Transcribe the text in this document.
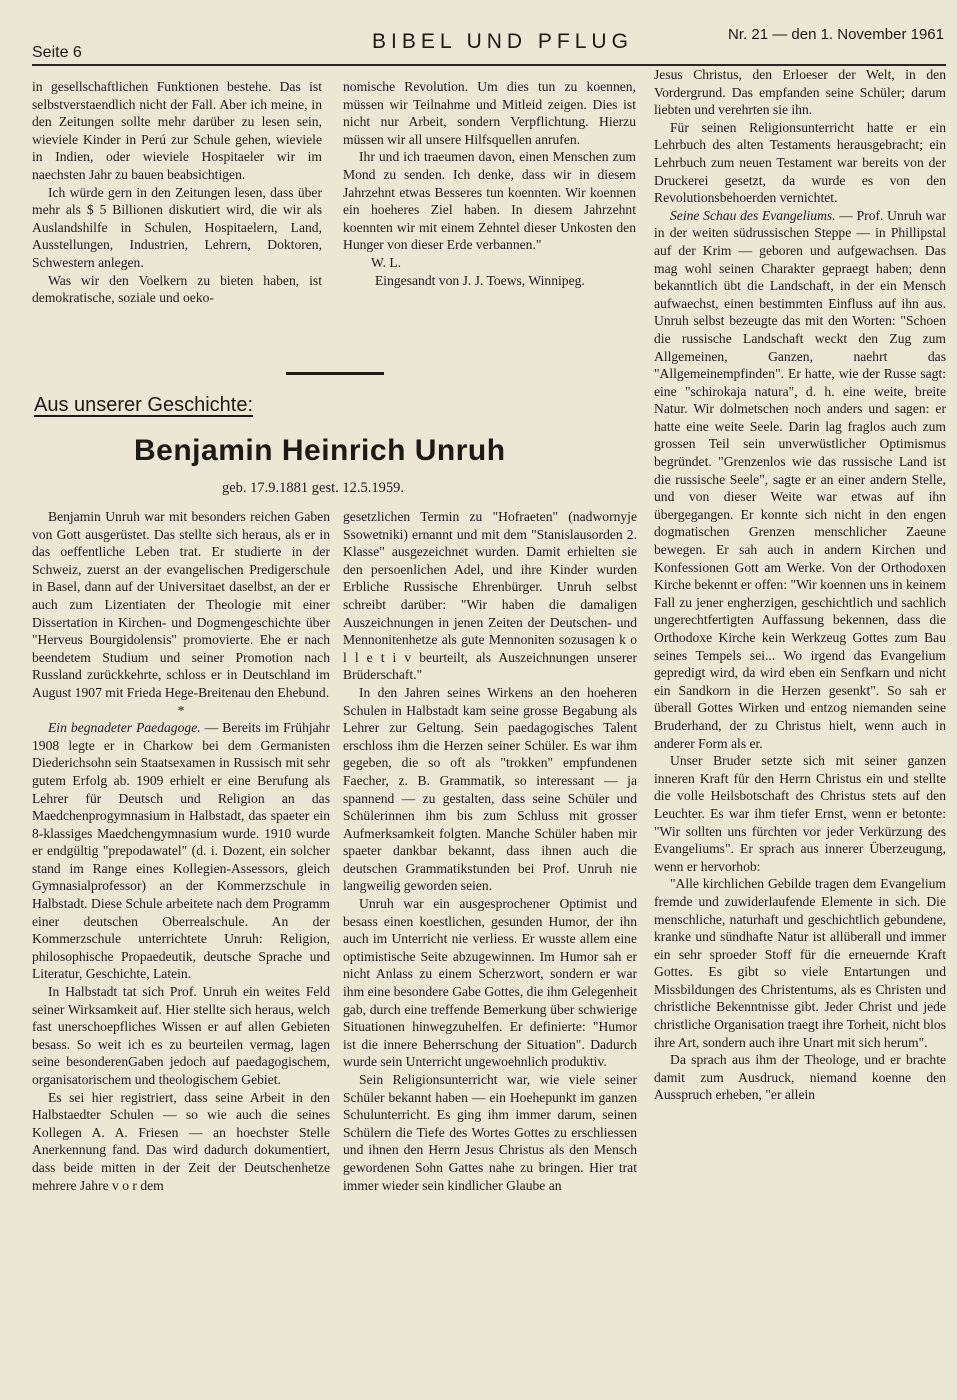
Seite 6	BIBEL UND PFLUG	Nr. 21 — den 1. November 1961

in gesellschaftlichen Funktionen bestehe. Das ist selbstverstaendlich nicht der Fall. Aber ich meine, in den Zeitungen sollte mehr darüber zu lesen sein, wieviele Kinder in Perú zur Schule gehen, wieviele in Indien, oder wieviele Hospitaeler wir im naechsten Jahr zu bauen beabsichtigen.

Ich würde gern in den Zeitungen lesen, dass über mehr als $ 5 Billionen diskutiert wird, die wir als Auslandshilfe in Schulen, Hospitaelern, Land, Ausstellungen, Industrien, Lehrern, Doktoren, Schwestern anlegen.

Was wir den Voelkern zu bieten haben, ist demokratische, soziale und oeko-

nomische Revolution. Um dies tun zu koennen, müssen wir Teilnahme und Mitleid zeigen. Dies ist nicht nur Arbeit, sondern Verpflichtung. Hierzu müssen wir all unsere Hilfsquellen anrufen.

Ihr und ich traeumen davon, einen Menschen zum Mond zu senden. Ich denke, dass wir in diesem Jahrzehnt etwas Besseres tun koennten. Wir koennen ein hoeheres Ziel haben. In diesem Jahrzehnt koennten wir mit einem Zehntel dieser Unkosten den Hunger von dieser Erde verbannen."

W. L.

Eingesandt von J. J. Toews, Winnipeg.

Aus unserer Geschichte:
Benjamin Heinrich Unruh
geb. 17.9.1881 gest. 12.5.1959.

Benjamin Unruh war mit besonders reichen Gaben von Gott ausgerüstet. Das stellte sich heraus, als er in das oeffentliche Leben trat. Er studierte in der Schweiz, zuerst an der evangelischen Predigerschule in Basel, dann auf der Universitaet daselbst, an der er auch zum Lizentiaten der Theologie mit einer Dissertation in Kirchen- und Dogmengeschichte über "Herveus Bourgidolensis" promovierte. Ehe er nach beendetem Studium und seiner Promotion nach Russland zurückkehrte, schloss er in Deutschland im August 1907 mit Frieda Hege-Breitenau den Ehebund.

*

Ein begnadeter Paedagoge. — Bereits im Frühjahr 1908 legte er in Charkow bei dem Germanisten Diederichsohn sein Staatsexamen in Russisch mit sehr gutem Erfolg ab. 1909 erhielt er eine Berufung als Lehrer für Deutsch und Religion an das Maedchenprogymnasium in Halbstadt, das spaeter ein 8-klassiges Maedchengymnasium wurde. 1910 wurde er endgültig "prepodawatel" (d. i. Dozent, ein solcher stand im Range eines Kollegien-Assessors, gleich Gymnasialprofessor) an der Kommerzschule in Halbstadt. Diese Schule arbeitete nach dem Programm einer deutschen Oberrealschule. An der Kommerzschule unterrichtete Unruh: Religion, philosophische Propaedeutik, deutsche Sprache und Literatur, Geschichte, Latein.

In Halbstadt tat sich Prof. Unruh ein weites Feld seiner Wirksamkeit auf. Hier stellte sich heraus, welch fast unerschoepfliches Wissen er auf allen Gebieten besass. So weit ich es zu beurteilen vermag, lagen seine besonderenGaben jedoch auf paedagogischem, organisatorischem und theologischem Gebiet.

Es sei hier registriert, dass seine Arbeit in den Halbstaedter Schulen — so wie auch die seines Kollegen A. A. Friesen — an hoechster Stelle Anerkennung fand. Das wird dadurch dokumentiert, dass beide mitten in der Zeit der Deutschenhetze mehrere Jahre v o r dem

gesetzlichen Termin zu "Hofraeten" (nadwornyje Ssowetniki) ernannt und mit dem "Stanislausorden 2. Klasse" ausgezeichnet wurden. Damit erhielten sie den persoenlichen Adel, und ihre Kinder wurden Erbliche Russische Ehrenbürger. Unruh selbst schreibt darüber: "Wir haben die damaligen Auszeichnungen in jenen Zeiten der Deutschen- und Mennonitenhetze als gute Mennoniten sozusagen k o l l e t i v beurteilt, als Auszeichnungen unserer Brüderschaft."

In den Jahren seines Wirkens an den hoeheren Schulen in Halbstadt kam seine grosse Begabung als Lehrer zur Geltung. Sein paedagogisches Talent erschloss ihm die Herzen seiner Schüler. Es war ihm gegeben, die so oft als "trokken" empfundenen Faecher, z. B. Grammatik, so interessant — ja spannend — zu gestalten, dass seine Schüler und Schülerinnen ihm bis zum Schluss mit grosser Aufmerksamkeit folgten. Manche Schüler haben mir spaeter dankbar bekannt, dass ihnen auch die deutschen Grammatikstunden bei Prof. Unruh nie langweilig geworden seien.

Unruh war ein ausgesprochener Optimist und besass einen koestlichen, gesunden Humor, der ihn auch im Unterricht nie verliess. Er wusste allem eine optimistische Seite abzugewinnen. Im Humor sah er nicht Anlass zu einem Scherzwort, sondern er war ihm eine besondere Gabe Gottes, die ihm Gelegenheit gab, durch eine treffende Bemerkung über schwierige Situationen hinwegzuhelfen. Er definierte: "Humor ist die innere Beherrschung der Situation". Dadurch wurde sein Unterricht ungewoehnlich produktiv.

Sein Religionsunterricht war, wie viele seiner Schüler bekannt haben — ein Hoehepunkt im ganzen Schulunterricht. Es ging ihm immer darum, seinen Schülern die Tiefe des Wortes Gottes zu erschliessen und ihnen den Herrn Jesus Christus als den Mensch gewordenen Sohn Gattes nahe zu bringen. Hier trat immer wieder sein kindlicher Glaube an

Jesus Christus, den Erloeser der Welt, in den Vordergrund. Das empfanden seine Schüler; darum liebten und verehrten sie ihn.

Für seinen Religionsunterricht hatte er ein Lehrbuch des alten Testaments herausgebracht; ein Lehrbuch zum neuen Testament war bereits von der Druckerei gesetzt, da wurde es von den Revolutionsbehoerden vernichtet.

Seine Schau des Evangeliums. — Prof. Unruh war in der weiten südrussischen Steppe — in Phillipstal auf der Krim — geboren und aufgewachsen. Das mag wohl seinen Charakter gepraegt haben; denn bekanntlich übt die Landschaft, in der ein Mensch aufwaechst, einen bestimmten Einfluss auf ihn aus. Unruh selbst bezeugte das mit den Worten: "Schoen die russische Landschaft weckt den Zug zum Allgemeinen, Ganzen, naehrt das "Allgemeinempfinden". Er hatte, wie der Russe sagt: eine "schirokaja natura", d. h. eine weite, breite Natur. Wir dolmetschen noch anders und sagen: er hatte eine weite Seele. Darin lag fraglos auch zum grossen Teil sein unverwüstlicher Optimismus begründet. "Grenzenlos wie das russische Land ist die russische Seele", sagte er an einer andern Stelle, und von dieser Weite war etwas auf ihn übergegangen. Er konnte sich nicht in den engen dogmatischen Grenzen menschlicher Zaeune bewegen. Er sah auch in andern Kirchen und Konfessionen Gott am Werke. Von der Orthodoxen Kirche bekennt er offen: "Wir koennen uns in keinem Fall zu jener engherzigen, geschichtlich und sachlich ungerechtfertigten Auffassung bekennen, dass die Orthodoxe Kirche kein Werkzeug Gottes zum Bau seines Tempels sei... Wo irgend das Evangelium gepredigt wird, da wird eben ein Senfkarn und nicht ein Sandkorn in die Herzen gesenkt". So sah er überall Gottes Wirken und entzog niemanden seine Bruderhand, der zu Christus hielt, wenn auch in anderer Form als er.

Unser Bruder setzte sich mit seiner ganzen inneren Kraft für den Herrn Christus ein und stellte die volle Heilsbotschaft des Christus stets auf den Leuchter. Es war ihm tiefer Ernst, wenn er betonte: "Wir sollten uns fürchten vor jeder Verkürzung des Evangeliums". Er sprach aus innerer Überzeugung, wenn er hervorhob:

"Alle kirchlichen Gebilde tragen dem Evangelium fremde und zuwiderlaufende Elemente in sich. Die menschliche, naturhaft und geschichtlich gebundene, kranke und sündhafte Natur ist allüberall und immer ein sehr sproeder Stoff für die erneuernde Kraft Gottes. Es gibt so viele Entartungen und Missbildungen des Christentums, als es Christen und christliche Bekenntnisse gibt. Jeder Christ und jede christliche Organisation traegt ihre Torheit, nicht blos ihre Art, sondern auch ihre Unart mit sich herum".

Da sprach aus ihm der Theologe, und er brachte damit zum Ausdruck, niemand koenne den Ausspruch erheben, "er allein
